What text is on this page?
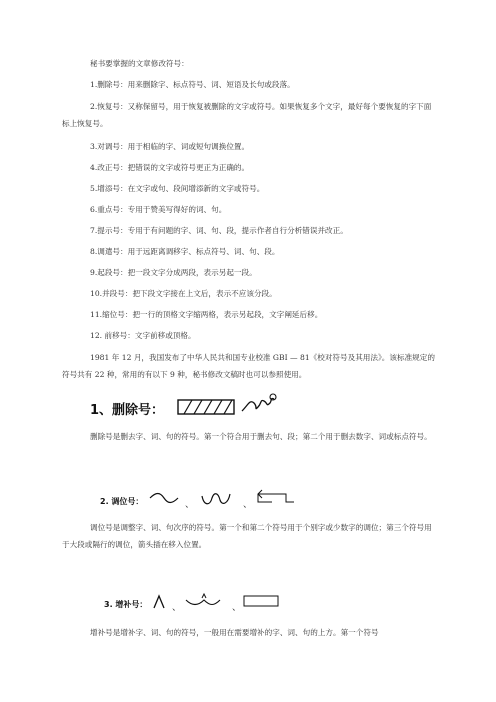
秘书要掌握的文章修改符号：
1.删除号：用来删除字、标点符号、词、短语及长句或段落。
2.恢复号：又称保留号，用于恢复被删除的文字或符号。如果恢复多个文字，最好每个要恢复的字下面标上恢复号。
3.对调号：用于相临的字、词或短句调换位置。
4.改正号：把错误的文字或符号更正为正确的。
5.增添号：在文字或句、段间增添新的文字或符号。
6.重点号：专用于赞美写得好的词、句。
7.提示号：专用于有问题的字、词、句、段，提示作者自行分析错误并改正。
8.调遣号：用于远距离调移字、标点符号、词、句、段。
9.起段号：把一段文字分成两段，表示另起一段。
10.并段号：把下段文字接在上文后，表示不应该分段。
11.缩位号：把一行的顶格文字缩两格，表示另起段，文字阐延后移。
12. 前移号：文字前移或顶格。
1981 年 12 月，我国发布了中华人民共和国专业校准 GBI — 81《校对符号及其用法》。该标准规定的符号共有 22 种，常用的有以下 9 种，秘书修改文稿时也可以参照使用。
1、删除号：
删除号是删去字、词、句的符号。第一个符合用于删去句、段；第二个用于删去数字、词或标点符号。
2. 调位号：	、	、
调位号是调整字、词、句次序的符号。第一个和第二个符号用于个别字或少数字的调位；第三个符号用于大段或隔行的调位，箭头插在移入位置。
3. 增补号：	、	、
增补号是增补字、词、句的符号，一般用在需要增补的字、词、句的上方。第一个符号
